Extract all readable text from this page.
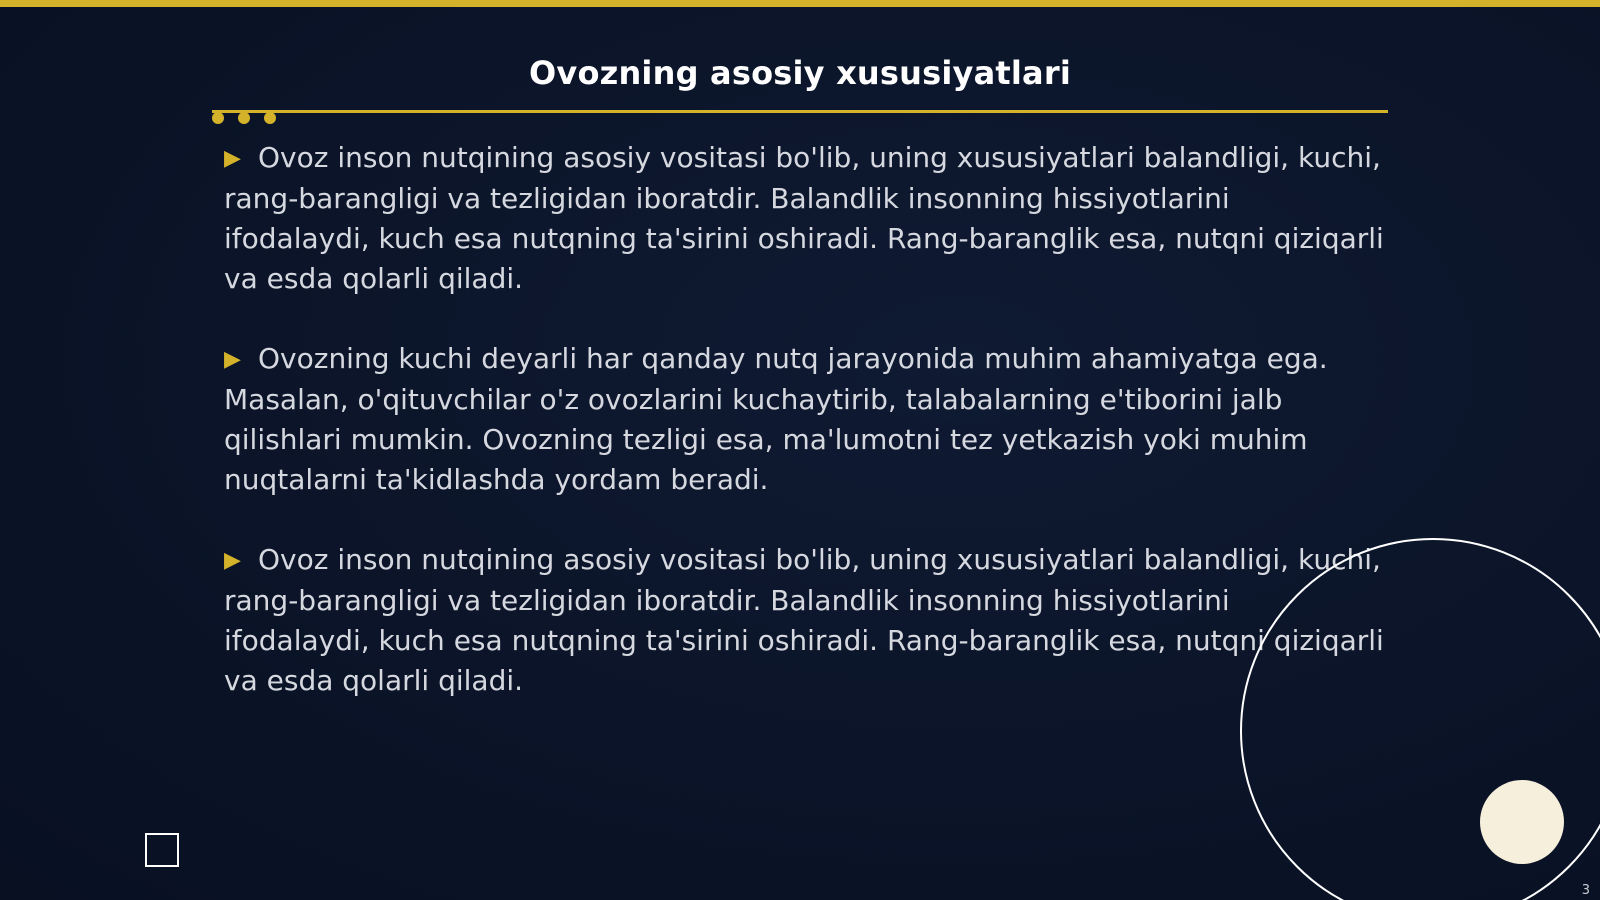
Ovozning asosiy xususiyatlari

▶ Ovoz inson nutqining asosiy vositasi bo'lib, uning xususiyatlari balandligi, kuchi, rang-barangligi va tezligidan iboratdir. Balandlik insonning hissiyotlarini ifodalaydi, kuch esa nutqning ta'sirini oshiradi. Rang-baranglik esa, nutqni qiziqarli va esda qolarli qiladi.

▶ Ovozning kuchi deyarli har qanday nutq jarayonida muhim ahamiyatga ega. Masalan, o'qituvchilar o'z ovozlarini kuchaytirib, talabalarning e'tiborini jalb qilishlari mumkin. Ovozning tezligi esa, ma'lumotni tez yetkazish yoki muhim nuqtalarni ta'kidlashda yordam beradi.

▶ Ovoz inson nutqining asosiy vositasi bo'lib, uning xususiyatlari balandligi, kuchi, rang-barangligi va tezligidan iboratdir. Balandlik insonning hissiyotlarini ifodalaydi, kuch esa nutqning ta'sirini oshiradi. Rang-baranglik esa, nutqni qiziqarli va esda qolarli qiladi.

3
